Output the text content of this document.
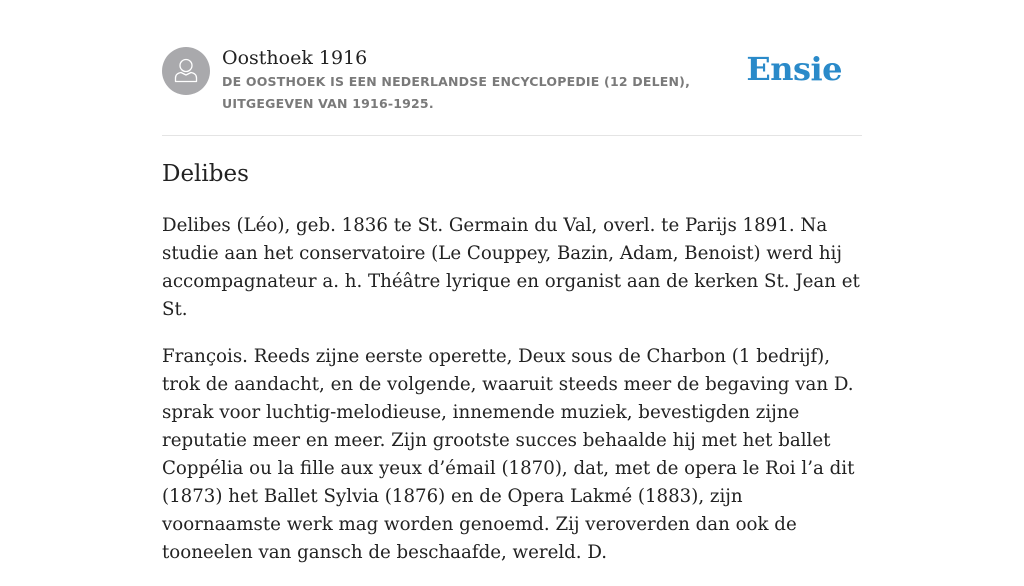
Oosthoek 1916
DE OOSTHOEK IS EEN NEDERLANDSE ENCYCLOPEDIE (12 DELEN), UITGEGEVEN VAN 1916-1925.
Ensie
Delibes

Delibes (Léo), geb. 1836 te St. Germain du Val, overl. te Parijs 1891. Na studie aan het conservatoire (Le Couppey, Bazin, Adam, Benoist) werd hij accompagnateur a. h. Théâtre lyrique en organist aan de kerken St. Jean et St.

François. Reeds zijne eerste operette, Deux sous de Charbon (1 bedrijf), trok de aandacht, en de volgende, waaruit steeds meer de begaving van D. sprak voor luchtig-melodieuse, innemende muziek, bevestigden zijne reputatie meer en meer. Zijn grootste succes behaalde hij met het ballet Coppélia ou la fille aux yeux d’émail (1870), dat, met de opera le Roi l’a dit (1873) het Ballet Sylvia (1876) en de Opera Lakmé (1883), zijn voornaamste werk mag worden genoemd. Zij veroverden dan ook de tooneelen van gansch de beschaafde, wereld. D.
